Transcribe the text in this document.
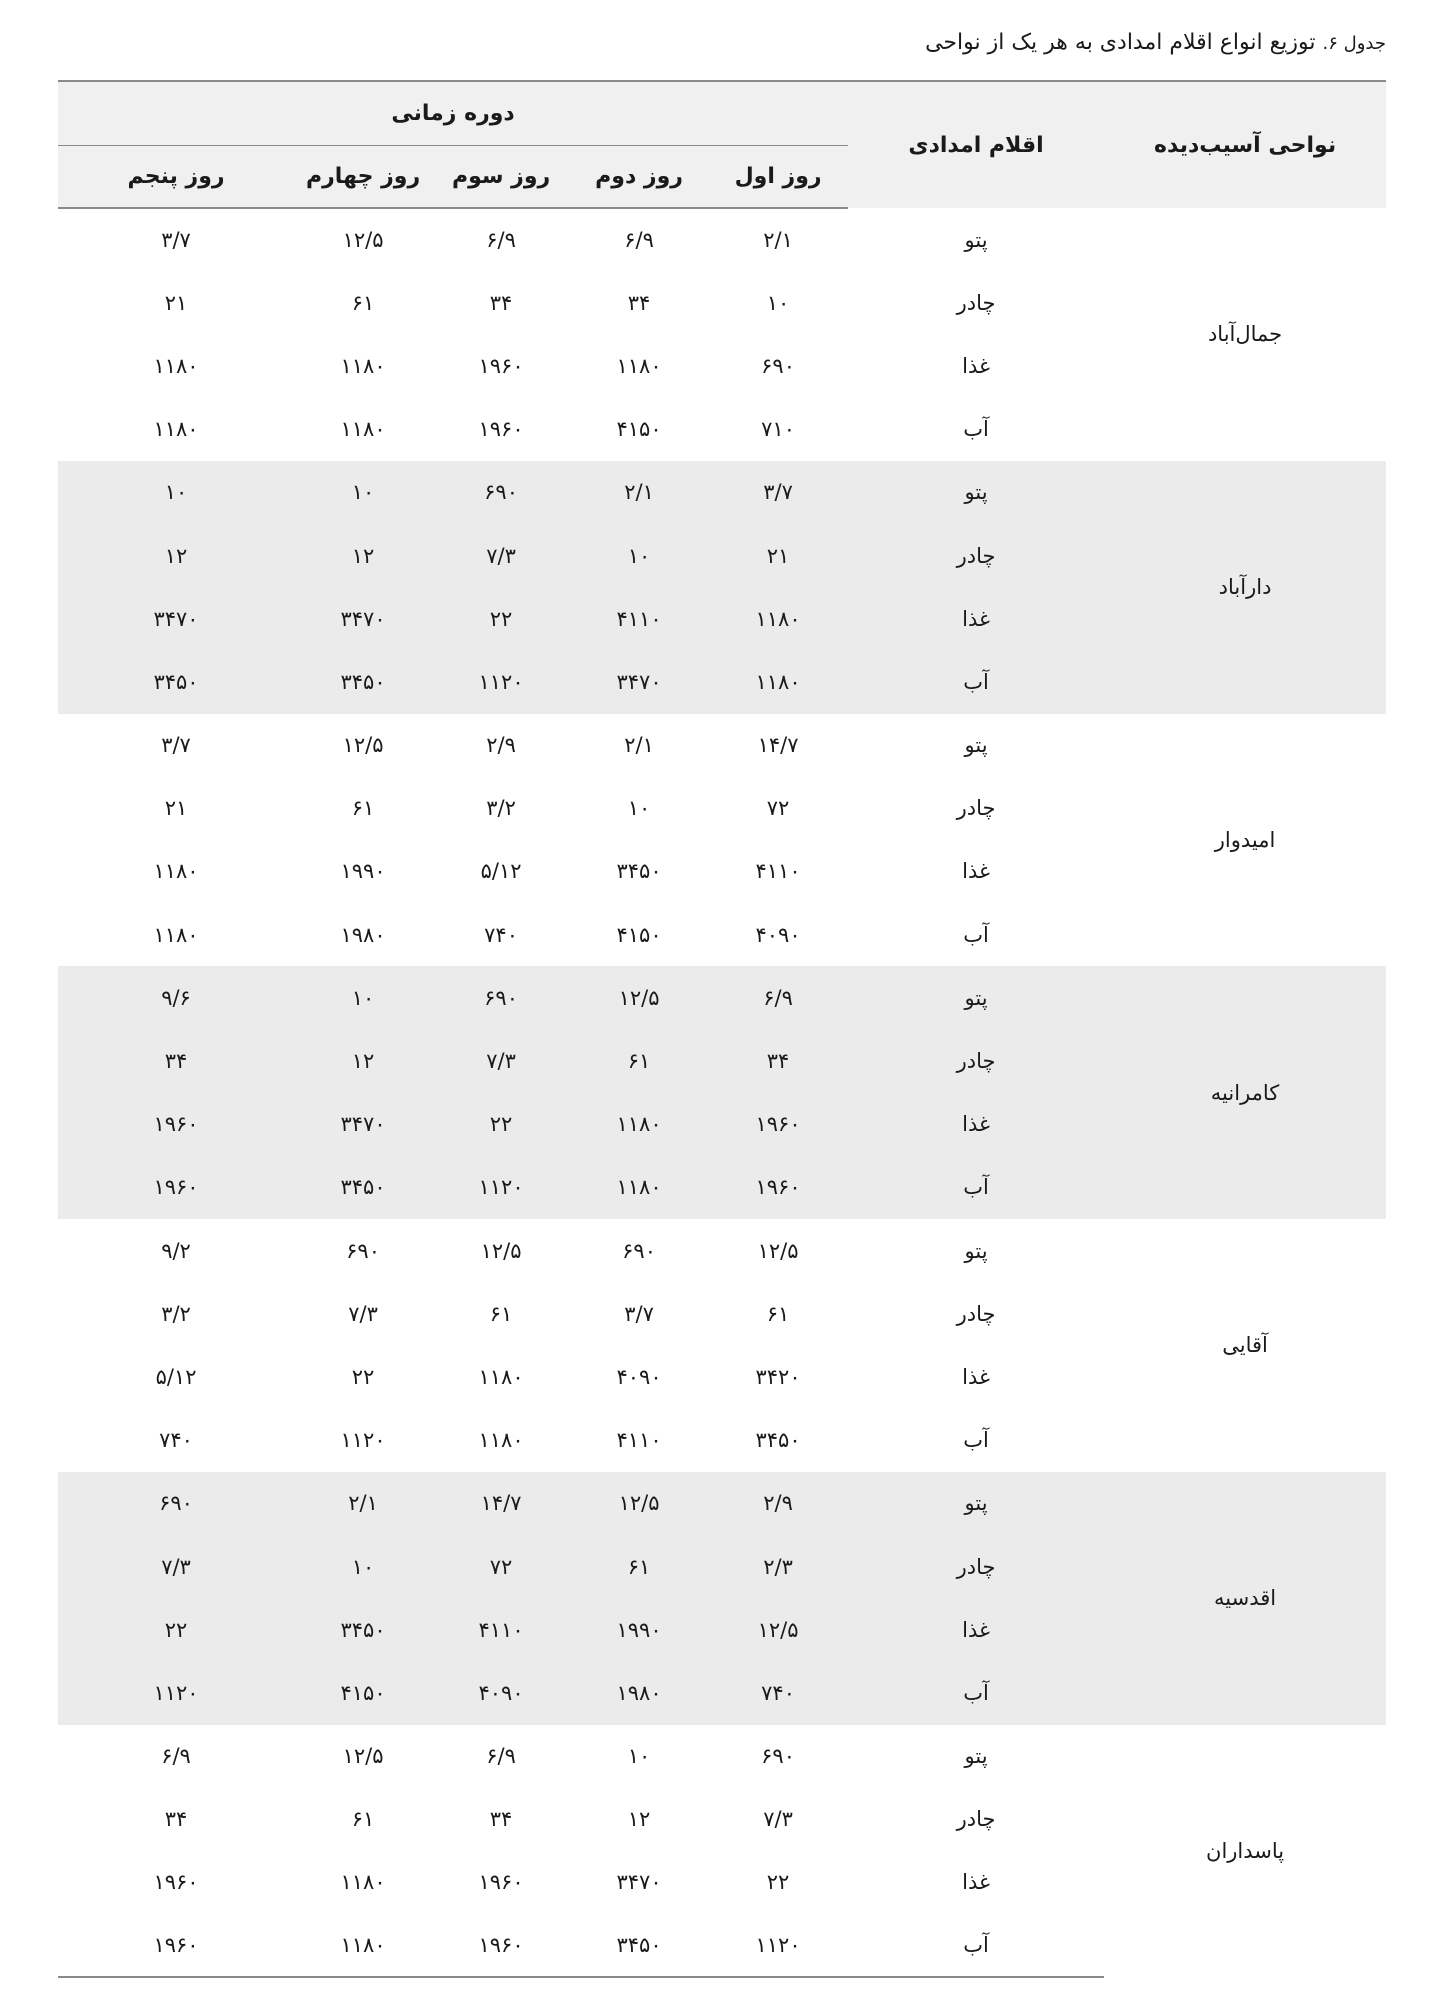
جدول ۶. توزیع انواع اقلام امدادی به هر یک از نواحی
نواحی آسیب‌دیده	اقلام امدادی	دوره زمانی				
		روز اول	روز دوم	روز سوم	روز چهارم	روز پنجم
جمال‌آباد	پتو	۲/۱	۶/۹	۶/۹	۱۲/۵	۳/۷
	چادر	۱۰	۳۴	۳۴	۶۱	۲۱
	غذا	۶۹۰	۱۱۸۰	۱۹۶۰	۱۱۸۰	۱۱۸۰
	آب	۷۱۰	۴۱۵۰	۱۹۶۰	۱۱۸۰	۱۱۸۰
دارآباد	پتو	۳/۷	۲/۱	۶۹۰	۱۰	۱۰
	چادر	۲۱	۱۰	۷/۳	۱۲	۱۲
	غذا	۱۱۸۰	۴۱۱۰	۲۲	۳۴۷۰	۳۴۷۰
	آب	۱۱۸۰	۳۴۷۰	۱۱۲۰	۳۴۵۰	۳۴۵۰
امیدوار	پتو	۱۴/۷	۲/۱	۲/۹	۱۲/۵	۳/۷
	چادر	۷۲	۱۰	۳/۲	۶۱	۲۱
	غذا	۴۱۱۰	۳۴۵۰	۵/۱۲	۱۹۹۰	۱۱۸۰
	آب	۴۰۹۰	۴۱۵۰	۷۴۰	۱۹۸۰	۱۱۸۰
کامرانیه	پتو	۶/۹	۱۲/۵	۶۹۰	۱۰	۹/۶
	چادر	۳۴	۶۱	۷/۳	۱۲	۳۴
	غذا	۱۹۶۰	۱۱۸۰	۲۲	۳۴۷۰	۱۹۶۰
	آب	۱۹۶۰	۱۱۸۰	۱۱۲۰	۳۴۵۰	۱۹۶۰
آقایی	پتو	۱۲/۵	۶۹۰	۱۲/۵	۶۹۰	۹/۲
	چادر	۶۱	۳/۷	۶۱	۷/۳	۳/۲
	غذا	۳۴۲۰	۴۰۹۰	۱۱۸۰	۲۲	۵/۱۲
	آب	۳۴۵۰	۴۱۱۰	۱۱۸۰	۱۱۲۰	۷۴۰
اقدسیه	پتو	۲/۹	۱۲/۵	۱۴/۷	۲/۱	۶۹۰
	چادر	۲/۳	۶۱	۷۲	۱۰	۷/۳
	غذا	۱۲/۵	۱۹۹۰	۴۱۱۰	۳۴۵۰	۲۲
	آب	۷۴۰	۱۹۸۰	۴۰۹۰	۴۱۵۰	۱۱۲۰
پاسداران	پتو	۶۹۰	۱۰	۶/۹	۱۲/۵	۶/۹
	چادر	۷/۳	۱۲	۳۴	۶۱	۳۴
	غذا	۲۲	۳۴۷۰	۱۹۶۰	۱۱۸۰	۱۹۶۰
	آب	۱۱۲۰	۳۴۵۰	۱۹۶۰	۱۱۸۰	۱۹۶۰
